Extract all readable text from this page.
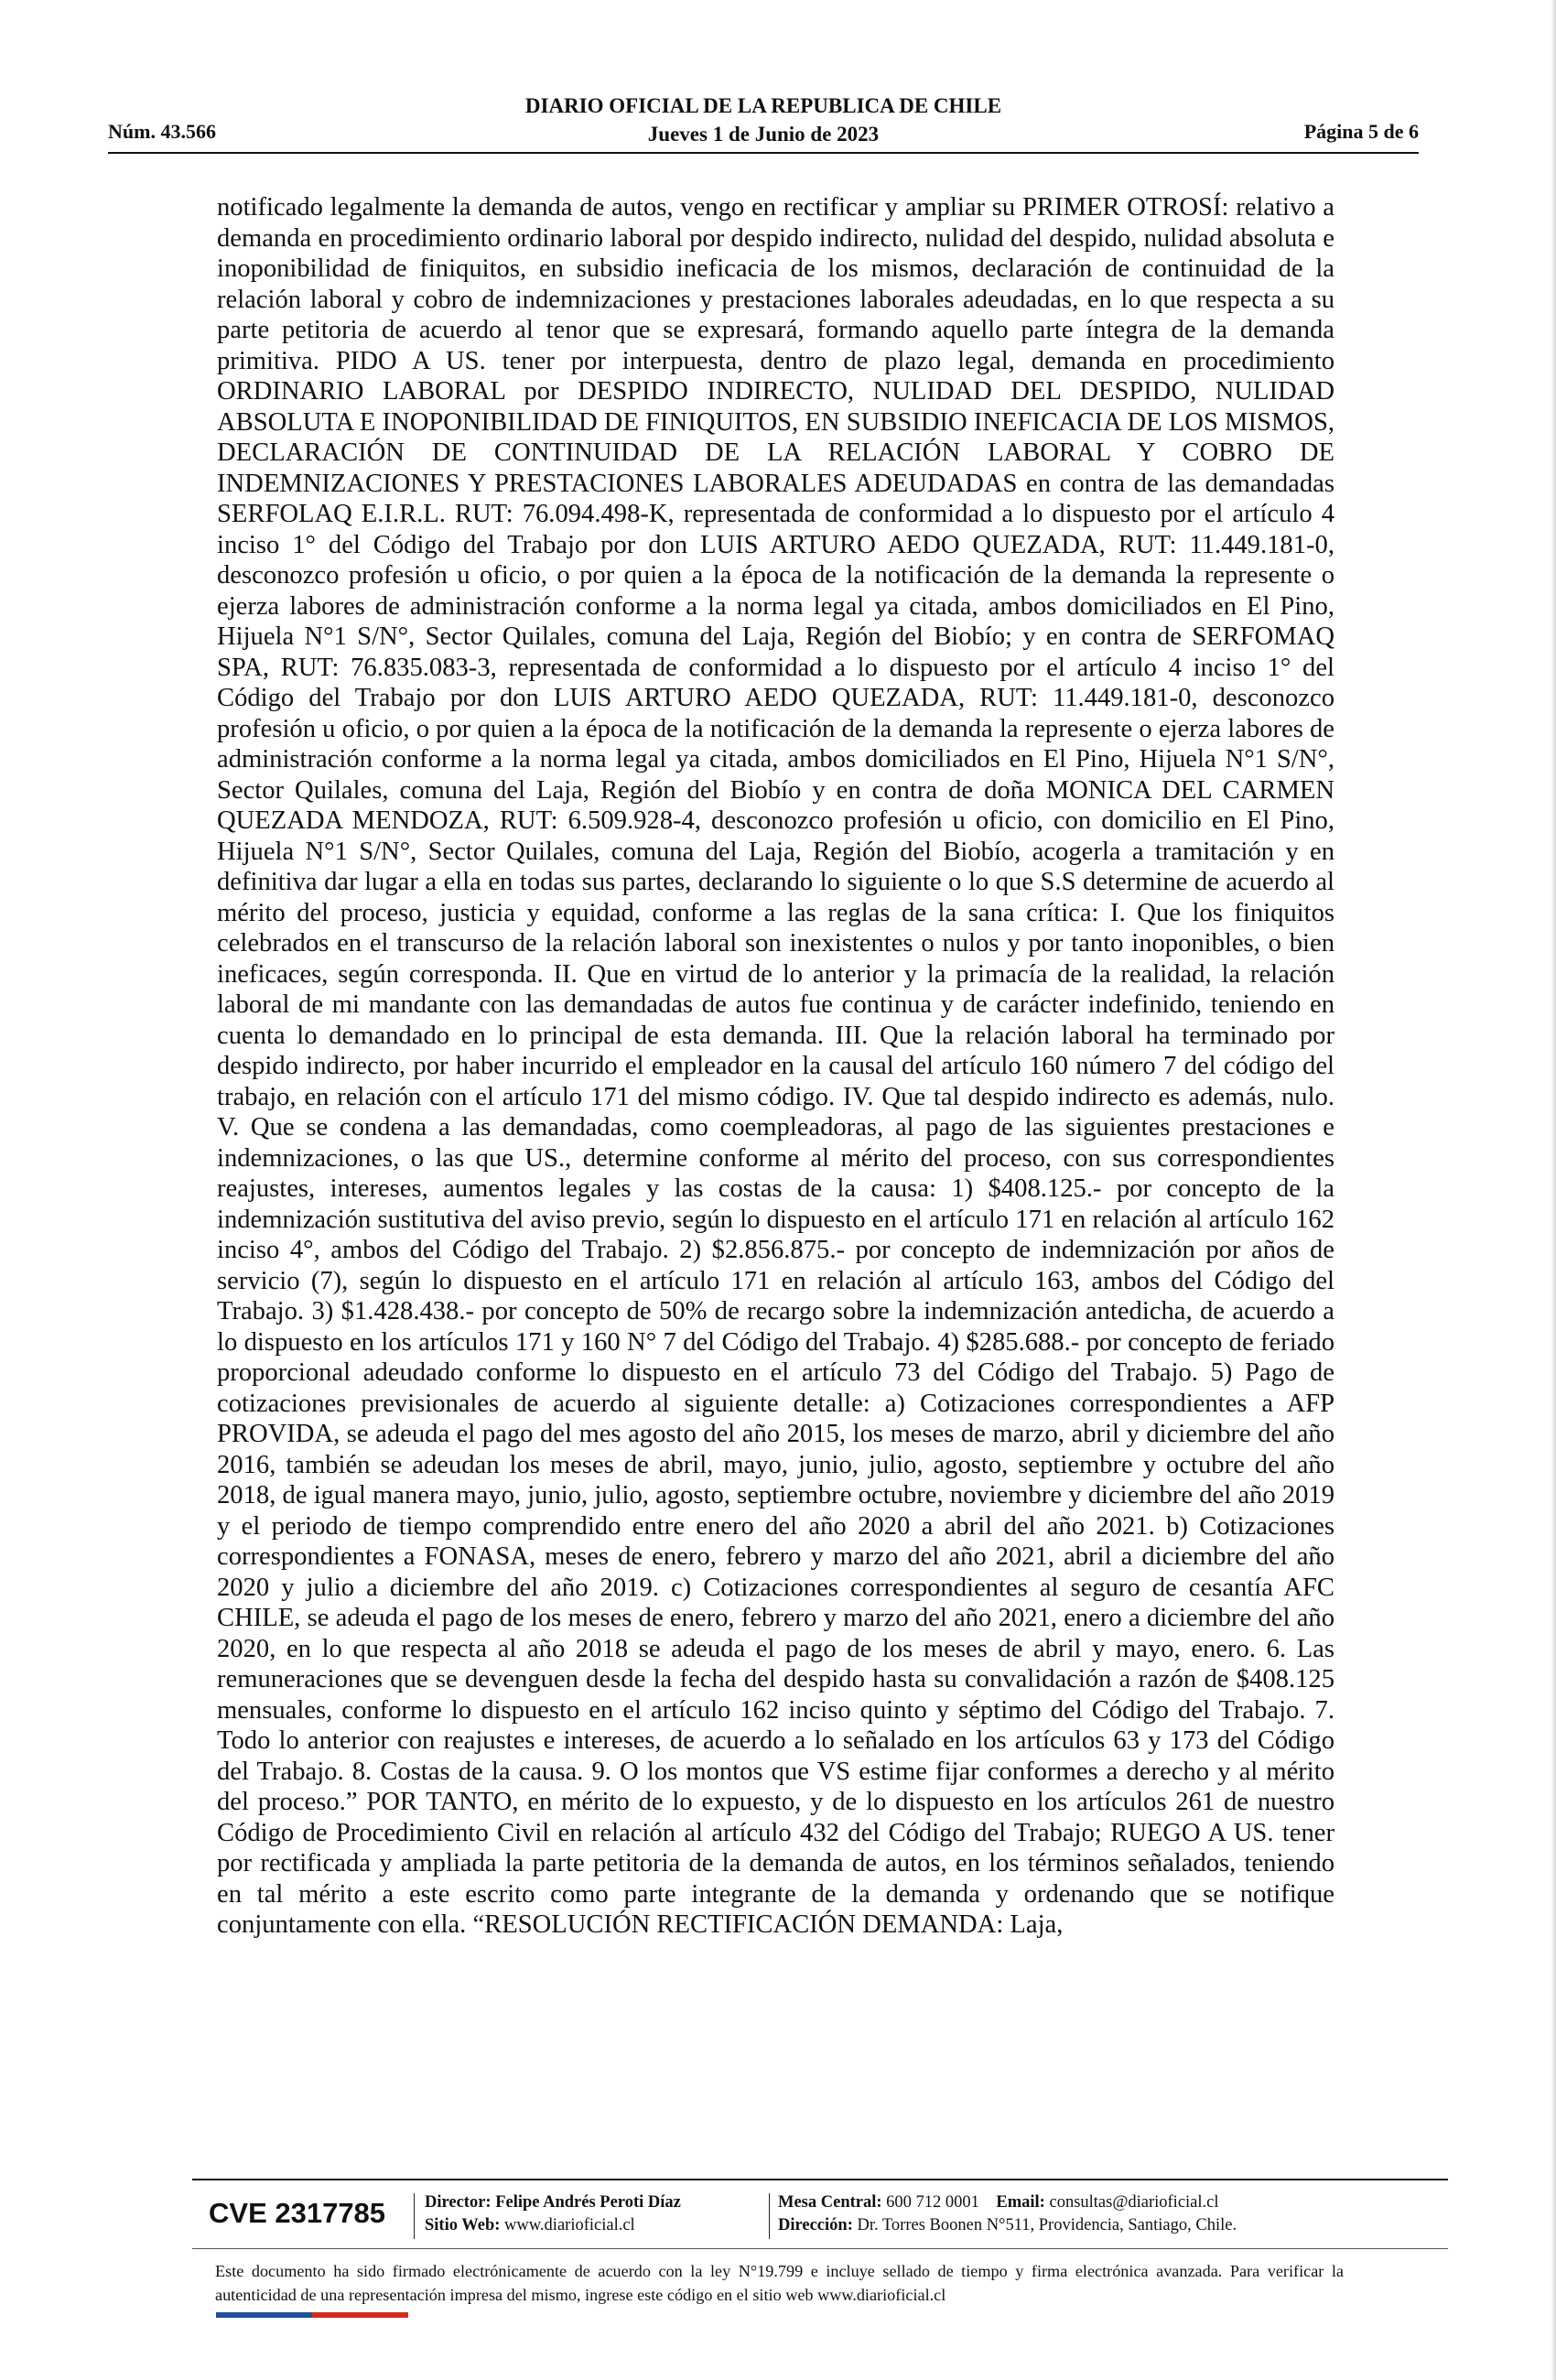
DIARIO OFICIAL DE LA REPUBLICA DE CHILE
Núm. 43.566	Jueves 1 de Junio de 2023	Página 5 de 6

notificado legalmente la demanda de autos, vengo en rectificar y ampliar su PRIMER OTROSÍ: relativo a demanda en procedimiento ordinario laboral por despido indirecto, nulidad del despido, nulidad absoluta e inoponibilidad de finiquitos, en subsidio ineficacia de los mismos, declaración de continuidad de la relación laboral y cobro de indemnizaciones y prestaciones laborales adeudadas, en lo que respecta a su parte petitoria de acuerdo al tenor que se expresará, formando aquello parte íntegra de la demanda primitiva. PIDO A US. tener por interpuesta, dentro de plazo legal, demanda en procedimiento ORDINARIO LABORAL por DESPIDO INDIRECTO, NULIDAD DEL DESPIDO, NULIDAD ABSOLUTA E INOPONIBILIDAD DE FINIQUITOS, EN SUBSIDIO INEFICACIA DE LOS MISMOS, DECLARACIÓN DE CONTINUIDAD DE LA RELACIÓN LABORAL Y COBRO DE INDEMNIZACIONES Y PRESTACIONES LABORALES ADEUDADAS en contra de las demandadas SERFOLAQ E.I.R.L. RUT: 76.094.498-K, representada de conformidad a lo dispuesto por el artículo 4 inciso 1° del Código del Trabajo por don LUIS ARTURO AEDO QUEZADA, RUT: 11.449.181-0, desconozco profesión u oficio, o por quien a la época de la notificación de la demanda la represente o ejerza labores de administración conforme a la norma legal ya citada, ambos domiciliados en El Pino, Hijuela N°1 S/N°, Sector Quilales, comuna del Laja, Región del Biobío; y en contra de SERFOMAQ SPA, RUT: 76.835.083-3, representada de conformidad a lo dispuesto por el artículo 4 inciso 1° del Código del Trabajo por don LUIS ARTURO AEDO QUEZADA, RUT: 11.449.181-0, desconozco profesión u oficio, o por quien a la época de la notificación de la demanda la represente o ejerza labores de administración conforme a la norma legal ya citada, ambos domiciliados en El Pino, Hijuela N°1 S/N°, Sector Quilales, comuna del Laja, Región del Biobío y en contra de doña MONICA DEL CARMEN QUEZADA MENDOZA, RUT: 6.509.928-4, desconozco profesión u oficio, con domicilio en El Pino, Hijuela N°1 S/N°, Sector Quilales, comuna del Laja, Región del Biobío, acogerla a tramitación y en definitiva dar lugar a ella en todas sus partes, declarando lo siguiente o lo que S.S determine de acuerdo al mérito del proceso, justicia y equidad, conforme a las reglas de la sana crítica: I. Que los finiquitos celebrados en el transcurso de la relación laboral son inexistentes o nulos y por tanto inoponibles, o bien ineficaces, según corresponda. II. Que en virtud de lo anterior y la primacía de la realidad, la relación laboral de mi mandante con las demandadas de autos fue continua y de carácter indefinido, teniendo en cuenta lo demandado en lo principal de esta demanda. III. Que la relación laboral ha terminado por despido indirecto, por haber incurrido el empleador en la causal del artículo 160 número 7 del código del trabajo, en relación con el artículo 171 del mismo código. IV. Que tal despido indirecto es además, nulo. V. Que se condena a las demandadas, como coempleadoras, al pago de las siguientes prestaciones e indemnizaciones, o las que US., determine conforme al mérito del proceso, con sus correspondientes reajustes, intereses, aumentos legales y las costas de la causa: 1) $408.125.- por concepto de la indemnización sustitutiva del aviso previo, según lo dispuesto en el artículo 171 en relación al artículo 162 inciso 4°, ambos del Código del Trabajo. 2) $2.856.875.- por concepto de indemnización por años de servicio (7), según lo dispuesto en el artículo 171 en relación al artículo 163, ambos del Código del Trabajo. 3) $1.428.438.- por concepto de 50% de recargo sobre la indemnización antedicha, de acuerdo a lo dispuesto en los artículos 171 y 160 N° 7 del Código del Trabajo. 4) $285.688.- por concepto de feriado proporcional adeudado conforme lo dispuesto en el artículo 73 del Código del Trabajo. 5) Pago de cotizaciones previsionales de acuerdo al siguiente detalle: a) Cotizaciones correspondientes a AFP PROVIDA, se adeuda el pago del mes agosto del año 2015, los meses de marzo, abril y diciembre del año 2016, también se adeudan los meses de abril, mayo, junio, julio, agosto, septiembre y octubre del año 2018, de igual manera mayo, junio, julio, agosto, septiembre octubre, noviembre y diciembre del año 2019 y el periodo de tiempo comprendido entre enero del año 2020 a abril del año 2021. b) Cotizaciones correspondientes a FONASA, meses de enero, febrero y marzo del año 2021, abril a diciembre del año 2020 y julio a diciembre del año 2019. c) Cotizaciones correspondientes al seguro de cesantía AFC CHILE, se adeuda el pago de los meses de enero, febrero y marzo del año 2021, enero a diciembre del año 2020, en lo que respecta al año 2018 se adeuda el pago de los meses de abril y mayo, enero. 6. Las remuneraciones que se devenguen desde la fecha del despido hasta su convalidación a razón de $408.125 mensuales, conforme lo dispuesto en el artículo 162 inciso quinto y séptimo del Código del Trabajo. 7. Todo lo anterior con reajustes e intereses, de acuerdo a lo señalado en los artículos 63 y 173 del Código del Trabajo. 8. Costas de la causa. 9. O los montos que VS estime fijar conformes a derecho y al mérito del proceso.” POR TANTO, en mérito de lo expuesto, y de lo dispuesto en los artículos 261 de nuestro Código de Procedimiento Civil en relación al artículo 432 del Código del Trabajo; RUEGO A US. tener por rectificada y ampliada la parte petitoria de la demanda de autos, en los términos señalados, teniendo en tal mérito a este escrito como parte integrante de la demanda y ordenando que se notifique conjuntamente con ella. “RESOLUCIÓN RECTIFICACIÓN DEMANDA: Laja,

CVE 2317785 Director: Felipe Andrés Peroti Díaz
Sitio Web: www.diarioficial.cl
Mesa Central: 600 712 0001 Email: consultas@diarioficial.cl
Dirección: Dr. Torres Boonen N°511, Providencia, Santiago, Chile.
Este documento ha sido firmado electrónicamente de acuerdo con la ley N°19.799 e incluye sellado de tiempo y firma electrónica avanzada. Para verificar la autenticidad de una representación impresa del mismo, ingrese este código en el sitio web www.diarioficial.cl
